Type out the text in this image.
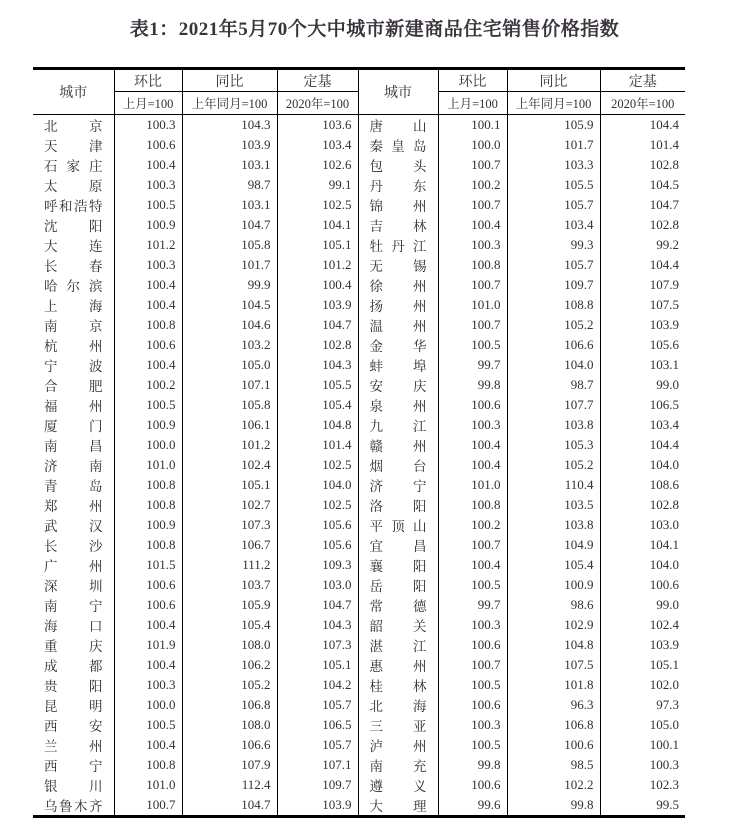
表1：2021年5月70个大中城市新建商品住宅销售价格指数
城市	环比	同比	定基	城市	环比	同比	定基
	上月=100	上年同月=100	2020年=100		上月=100	上年同月=100	2020年=100

北 京	100.3	104.3	103.6	唐 山	100.1	105.9	104.4

天 津	100.6	103.9	103.4	秦 皇 岛	100.0	101.7	101.4

石 家 庄	100.4	103.1	102.6	包 头	100.7	103.3	102.8

太 原	100.3	98.7	99.1	丹 东	100.2	105.5	104.5

呼 和 浩 特	100.5	103.1	102.5	锦 州	100.7	105.7	104.7

沈 阳	100.9	104.7	104.1	吉 林	100.4	103.4	102.8

大 连	101.2	105.8	105.1	牡 丹 江	100.3	99.3	99.2

长 春	100.3	101.7	101.2	无 锡	100.8	105.7	104.4

哈 尔 滨	100.4	99.9	100.4	徐 州	100.7	109.7	107.9

上 海	100.4	104.5	103.9	扬 州	101.0	108.8	107.5

南 京	100.8	104.6	104.7	温 州	100.7	105.2	103.9

杭 州	100.6	103.2	102.8	金 华	100.5	106.6	105.6

宁 波	100.4	105.0	104.3	蚌 埠	99.7	104.0	103.1

合 肥	100.2	107.1	105.5	安 庆	99.8	98.7	99.0

福 州	100.5	105.8	105.4	泉 州	100.6	107.7	106.5

厦 门	100.9	106.1	104.8	九 江	100.3	103.8	103.4

南 昌	100.0	101.2	101.4	赣 州	100.4	105.3	104.4

济 南	101.0	102.4	102.5	烟 台	100.4	105.2	104.0

青 岛	100.8	105.1	104.0	济 宁	101.0	110.4	108.6

郑 州	100.8	102.7	102.5	洛 阳	100.8	103.5	102.8

武 汉	100.9	107.3	105.6	平 顶 山	100.2	103.8	103.0

长 沙	100.8	106.7	105.6	宜 昌	100.7	104.9	104.1

广 州	101.5	111.2	109.3	襄 阳	100.4	105.4	104.0

深 圳	100.6	103.7	103.0	岳 阳	100.5	100.9	100.6

南 宁	100.6	105.9	104.7	常 德	99.7	98.6	99.0

海 口	100.4	105.4	104.3	韶 关	100.3	102.9	102.4

重 庆	101.9	108.0	107.3	湛 江	100.6	104.8	103.9

成 都	100.4	106.2	105.1	惠 州	100.7	107.5	105.1

贵 阳	100.3	105.2	104.2	桂 林	100.5	101.8	102.0

昆 明	100.0	106.8	105.7	北 海	100.6	96.3	97.3

西 安	100.5	108.0	106.5	三 亚	100.3	106.8	105.0

兰 州	100.4	106.6	105.7	泸 州	100.5	100.6	100.1

西 宁	100.8	107.9	107.1	南 充	99.8	98.5	100.3

银 川	101.0	112.4	109.7	遵 义	100.6	102.2	102.3

乌 鲁 木 齐	100.7	104.7	103.9	大 理	99.6	99.8	99.5
